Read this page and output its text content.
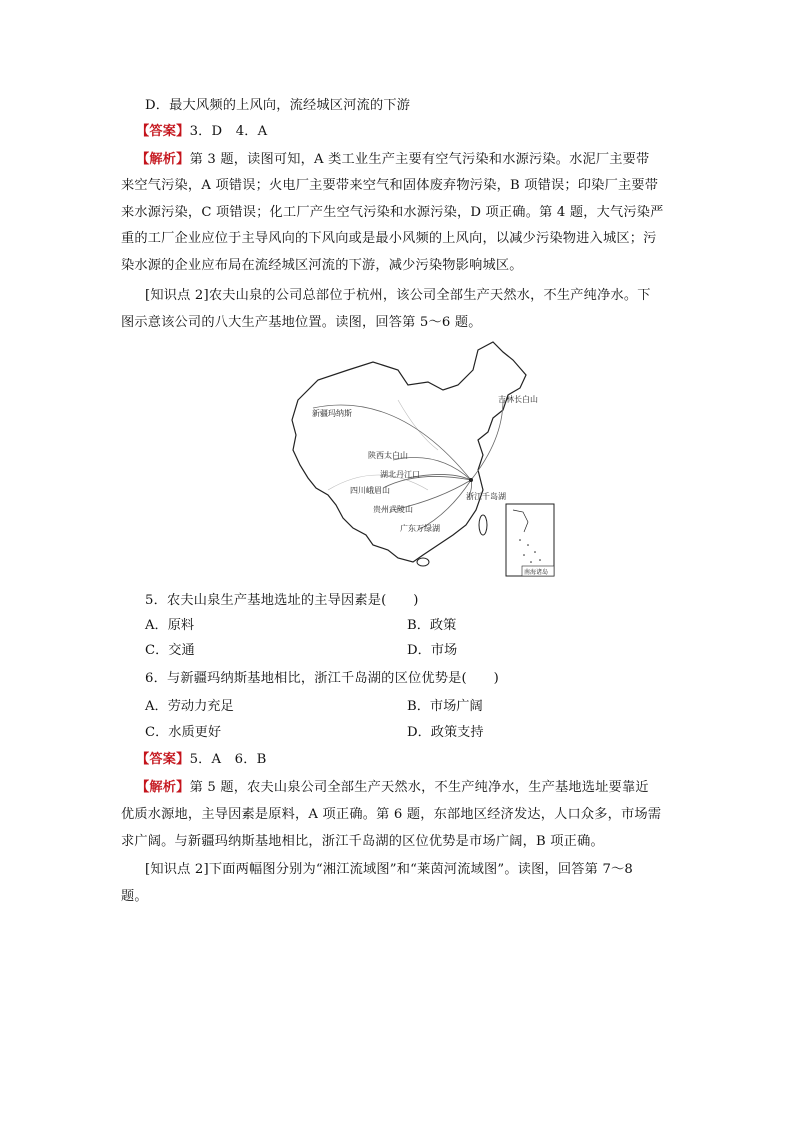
D．最大风频的上风向，流经城区河流的下游
【答案】3．D　4．A
【解析】第 3 题，读图可知，A 类工业生产主要有空气污染和水源污染。水泥厂主要带
来空气污染，A 项错误；火电厂主要带来空气和固体废弃物污染，B 项错误；印染厂主要带
来水源污染，C 项错误；化工厂产生空气污染和水源污染，D 项正确。第 4 题，大气污染严
重的工厂企业应位于主导风向的下风向或是最小风频的上风向，以减少污染物进入城区；污
染水源的企业应布局在流经城区河流的下游，减少污染物影响城区。
[知识点 2]农夫山泉的公司总部位于杭州，该公司全部生产天然水，不生产纯净水。下
图示意该公司的八大生产基地位置。读图，回答第 5～6 题。
新疆玛纳斯
吉林长白山
陕西太白山
湖北丹江口
四川峨眉山
浙江千岛湖
贵州武陵山
广东万绿湖
南海诸岛
5．农夫山泉生产基地选址的主导因素是(　　)
A．原料	B．政策
C．交通	D．市场
6．与新疆玛纳斯基地相比，浙江千岛湖的区位优势是(　　)
A．劳动力充足	B．市场广阔
C．水质更好	D．政策支持
【答案】5．A　6．B
【解析】第 5 题，农夫山泉公司全部生产天然水，不生产纯净水，生产基地选址要靠近
优质水源地，主导因素是原料，A 项正确。第 6 题，东部地区经济发达，人口众多，市场需
求广阔。与新疆玛纳斯基地相比，浙江千岛湖的区位优势是市场广阔，B 项正确。
[知识点 2]下面两幅图分别为“湘江流域图”和“莱茵河流域图”。读图，回答第 7～8
题。
